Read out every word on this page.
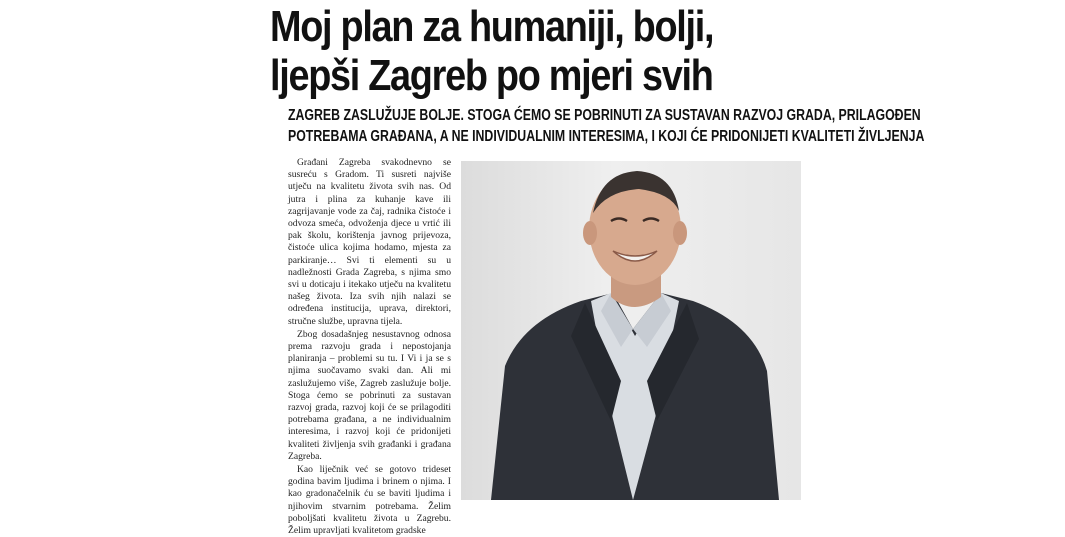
Moj plan za humaniji, bolji,
ljepši Zagreb po mjeri svih
ZAGREB ZASLUŽUJE BOLJE. STOGA ĆEMO SE POBRINUTI ZA SUSTAVAN RAZVOJ GRADA, PRILAGOĐEN
POTREBAMA GRAĐANA, A NE INDIVIDUALNIM INTERESIMA, I KOJI ĆE PRIDONIJETI KVALITETI ŽIVLJENJA

Građani Zagreba svakodnevno se susreću s Gradom. Ti susreti najviše utječu na kvalitetu života svih nas. Od jutra i plina za kuhanje kave ili zagrijavanje vode za čaj, radnika čistoće i odvoza smeća, odvoženja djece u vrtić ili pak školu, korištenja javnog prijevoza, čistoće ulica kojima hodamo, mjesta za parkiranje… Svi ti elementi su u nadležnosti Grada Zagreba, s njima smo svi u doticaju i itekako utječu na kvalitetu našeg života. Iza svih njih nalazi se određena institucija, uprava, direktori, stručne službe, upravna tijela.

Zbog dosadašnjeg nesustavnog odnosa prema razvoju grada i nepostojanja planiranja – problemi su tu. I Vi i ja se s njima suočavamo svaki dan. Ali mi zaslužujemo više, Zagreb zaslužuje bolje. Stoga ćemo se pobrinuti za sustavan razvoj grada, razvoj koji će se prilagoditi potrebama građana, a ne individualnim interesima, i razvoj koji će pridonijeti kvaliteti življenja svih građanki i građana Zagreba.

Kao liječnik već se gotovo trideset godina bavim ljudima i brinem o njima. I kao gradonačelnik ću se baviti ljudima i njihovim stvarnim potrebama. Želim poboljšati kvalitetu života u Zagrebu. Želim upravljati kvalitetom gradske
